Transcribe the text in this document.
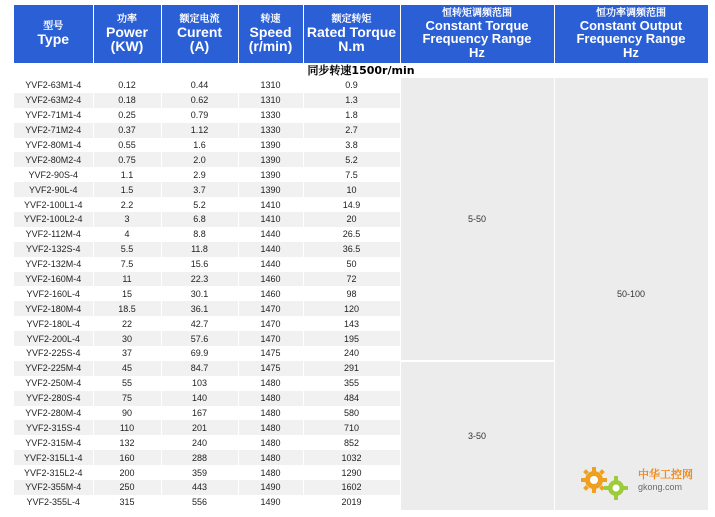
型号
Type	功率
Power
(KW)	额定电流
Curent
(A)	转速
Speed
(r/min)	额定转矩
Rated Torque
N.m	恒转矩调频范围
Constant Torque
Frequency Range
Hz	恒功率调频范围
Constant Output
Frequency Range
Hz

同步转速1500r/min						
YVF2-63M1-4	0.12	0.44	1310	0.9	5-50	50-100
YVF2-63M2-4	0.18	0.62	1310	1.3		
YVF2-71M1-4	0.25	0.79	1330	1.8		
YVF2-71M2-4	0.37	1.12	1330	2.7		
YVF2-80M1-4	0.55	1.6	1390	3.8		
YVF2-80M2-4	0.75	2.0	1390	5.2		
YVF2-90S-4	1.1	2.9	1390	7.5		
YVF2-90L-4	1.5	3.7	1390	10		
YVF2-100L1-4	2.2	5.2	1410	14.9		
YVF2-100L2-4	3	6.8	1410	20		
YVF2-112M-4	4	8.8	1440	26.5		
YVF2-132S-4	5.5	11.8	1440	36.5		
YVF2-132M-4	7.5	15.6	1440	50		
YVF2-160M-4	11	22.3	1460	72		
YVF2-160L-4	15	30.1	1460	98		
YVF2-180M-4	18.5	36.1	1470	120		
YVF2-180L-4	22	42.7	1470	143		
YVF2-200L-4	30	57.6	1470	195		
YVF2-225S-4	37	69.9	1475	240		
YVF2-225M-4	45	84.7	1475	291	3-50	
YVF2-250M-4	55	103	1480	355		
YVF2-280S-4	75	140	1480	484		
YVF2-280M-4	90	167	1480	580		
YVF2-315S-4	110	201	1480	710		
YVF2-315M-4	132	240	1480	852		
YVF2-315L1-4	160	288	1480	1032		
YVF2-315L2-4	200	359	1480	1290		
YVF2-355M-4	250	443	1490	1602		
YVF2-355L-4	315	556	1490	2019		
中华工控网
gkong.com
